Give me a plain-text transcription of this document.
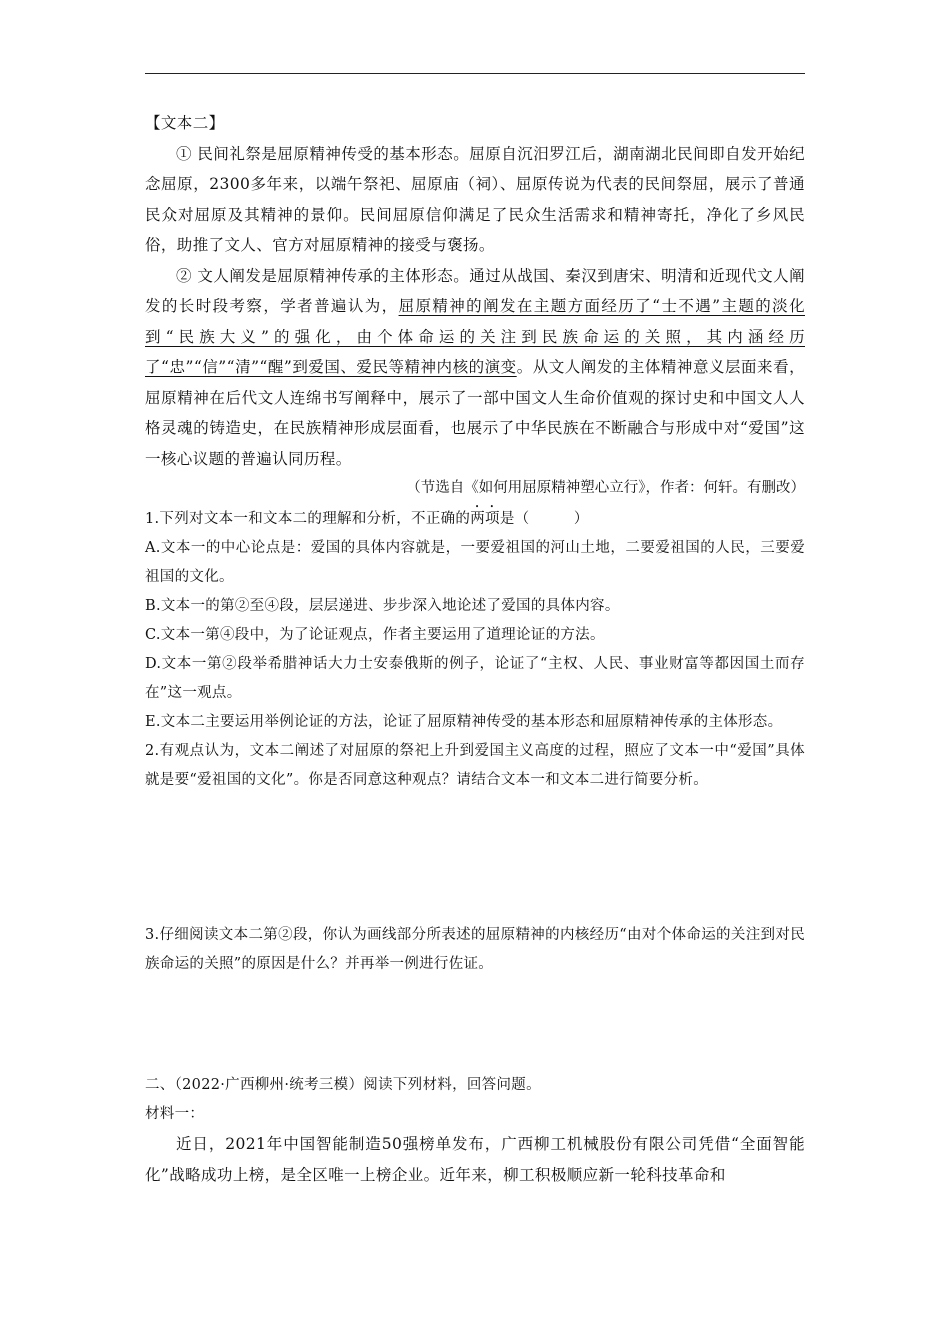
【文本二】

① 民间礼祭是屈原精神传受的基本形态。屈原自沉汨罗江后，湖南湖北民间即自发开始纪念屈原，2300多年来，以端午祭祀、屈原庙（祠）、屈原传说为代表的民间祭屈，展示了普通民众对屈原及其精神的景仰。民间屈原信仰满足了民众生活需求和精神寄托，净化了乡风民俗，助推了文人、官方对屈原精神的接受与褒扬。

② 文人阐发是屈原精神传承的主体形态。通过从战国、秦汉到唐宋、明清和近现代文人阐发的长时段考察，学者普遍认为，屈原精神的阐发在主题方面经历了“士不遇”主题的淡化到“民族大义”的强化，由个体命运的关注到民族命运的关照，其内涵经历了“忠”“信”“清”“醒”到爱国、爱民等精神内核的演变。从文人阐发的主体精神意义层面来看，屈原精神在后代文人连绵书写阐释中，展示了一部中国文人生命价值观的探讨史和中国文人人格灵魂的铸造史，在民族精神形成层面看，也展示了中华民族在不断融合与形成中对“爱国”这一核心议题的普遍认同历程。

（节选自《如何用屈原精神塑心立行》，作者：何轩。有删改）

1.下列对文本一和文本二的理解和分析，不正确的两项是（　　　）

A.文本一的中心论点是：爱国的具体内容就是，一要爱祖国的河山土地，二要爱祖国的人民，三要爱祖国的文化。

B.文本一的第②至④段，层层递进、步步深入地论述了爱国的具体内容。

C.文本一第④段中，为了论证观点，作者主要运用了道理论证的方法。

D.文本一第②段举希腊神话大力士安泰俄斯的例子，论证了“主权、人民、事业财富等都因国土而存在”这一观点。

E.文本二主要运用举例论证的方法，论证了屈原精神传受的基本形态和屈原精神传承的主体形态。

2.有观点认为，文本二阐述了对屈原的祭祀上升到爱国主义高度的过程，照应了文本一中“爱国”具体就是要“爱祖国的文化”。你是否同意这种观点？请结合文本一和文本二进行简要分析。

3.仔细阅读文本二第②段，你认为画线部分所表述的屈原精神的内核经历“由对个体命运的关注到对民族命运的关照”的原因是什么？并再举一例进行佐证。

二、（2022·广西柳州·统考三模）阅读下列材料，回答问题。

材料一：

近日，2021年中国智能制造50强榜单发布，广西柳工机械股份有限公司凭借“全面智能化”战略成功上榜，是全区唯一上榜企业。近年来，柳工积极顺应新一轮科技革命和
